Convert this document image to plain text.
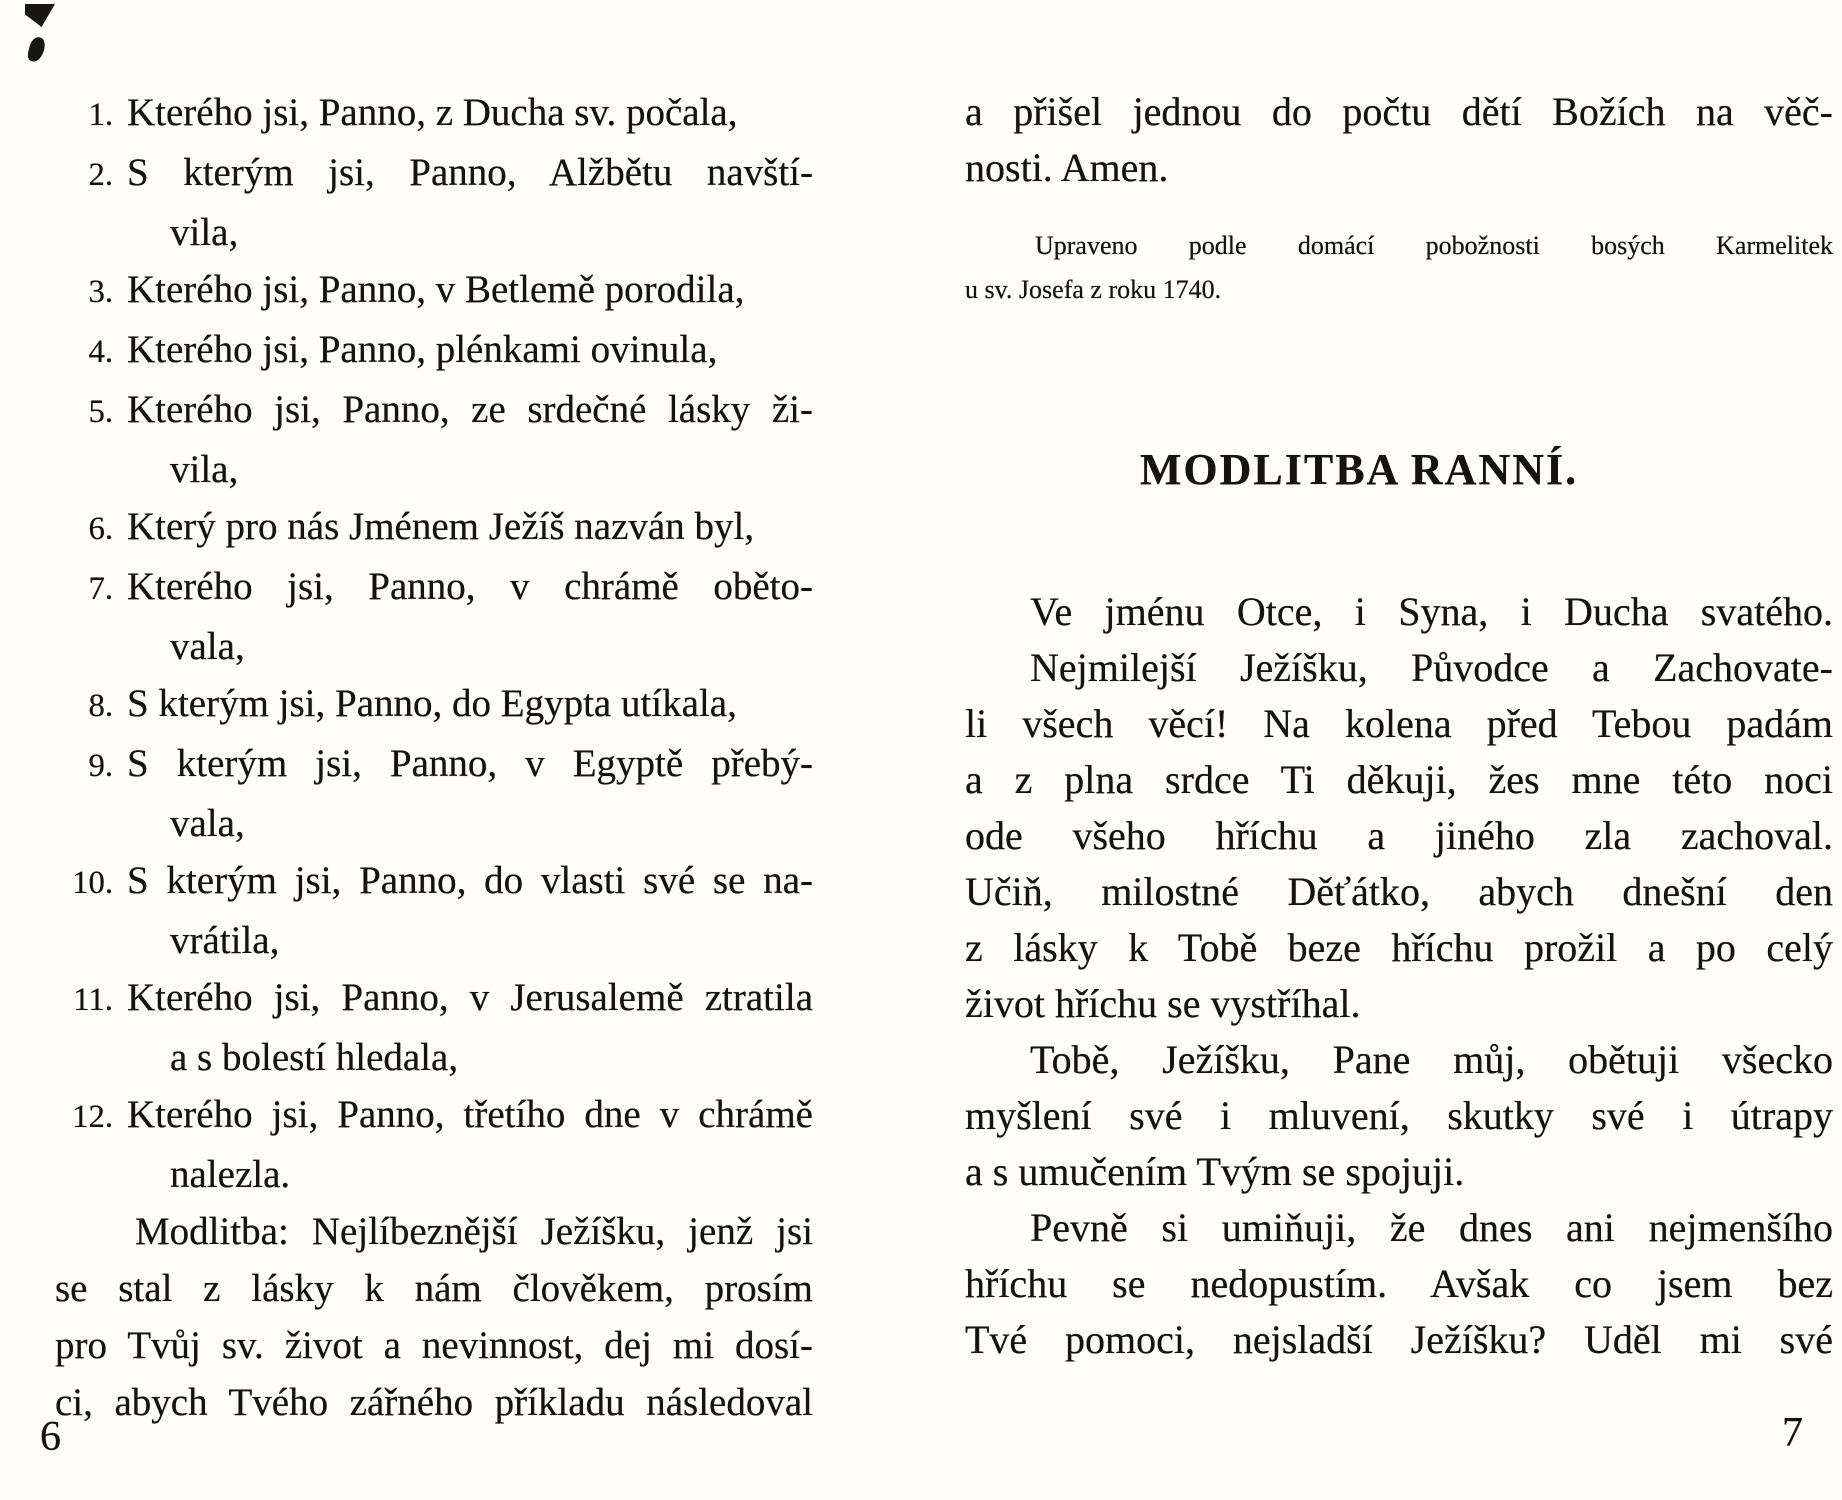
1. Kterého jsi, Panno, z Ducha sv. počala,
2. S kterým jsi, Panno, Alžbětu navští-
vila,
3. Kterého jsi, Panno, v Betlemě porodila,
4. Kterého jsi, Panno, plénkami ovinula,
5. Kterého jsi, Panno, ze srdečné lásky ži-
vila,
6. Který pro nás Jménem Ježíš nazván byl,
7. Kterého jsi, Panno, v chrámě oběto-
vala,
8. S kterým jsi, Panno, do Egypta utíkala,
9. S kterým jsi, Panno, v Egyptě přebý-
vala,
10. S kterým jsi, Panno, do vlasti své se na-
vrátila,
11. Kterého jsi, Panno, v Jerusalemě ztratila
a s bolestí hledala,
12. Kterého jsi, Panno, třetího dne v chrámě
nalezla.
Modlitba: Nejlíbeznější Ježíšku, jenž jsi
se stal z lásky k nám člověkem, prosím
pro Tvůj sv. život a nevinnost, dej mi dosí-
ci, abych Tvého zářného příkladu následoval
a přišel jednou do počtu dětí Božích na věč-
nosti. Amen.
Upraveno podle domácí pobožnosti bosých Karmelitek
u sv. Josefa z roku 1740.
MODLITBA RANNÍ.
Ve jménu Otce, i Syna, i Ducha svatého.
Nejmilejší Ježíšku, Původce a Zachovate-
li všech věcí! Na kolena před Tebou padám
a z plna srdce Ti děkuji, žes mne této noci
ode všeho hříchu a jiného zla zachoval.
Učiň, milostné Děťátko, abych dnešní den
z lásky k Tobě beze hříchu prožil a po celý
život hříchu se vystříhal.
Tobě, Ježíšku, Pane můj, obětuji všecko
myšlení své i mluvení, skutky své i útrapy
a s umučením Tvým se spojuji.
Pevně si umiňuji, že dnes ani nejmenšího
hříchu se nedopustím. Avšak co jsem bez
Tvé pomoci, nejsladší Ježíšku? Uděl mi své
6	7
